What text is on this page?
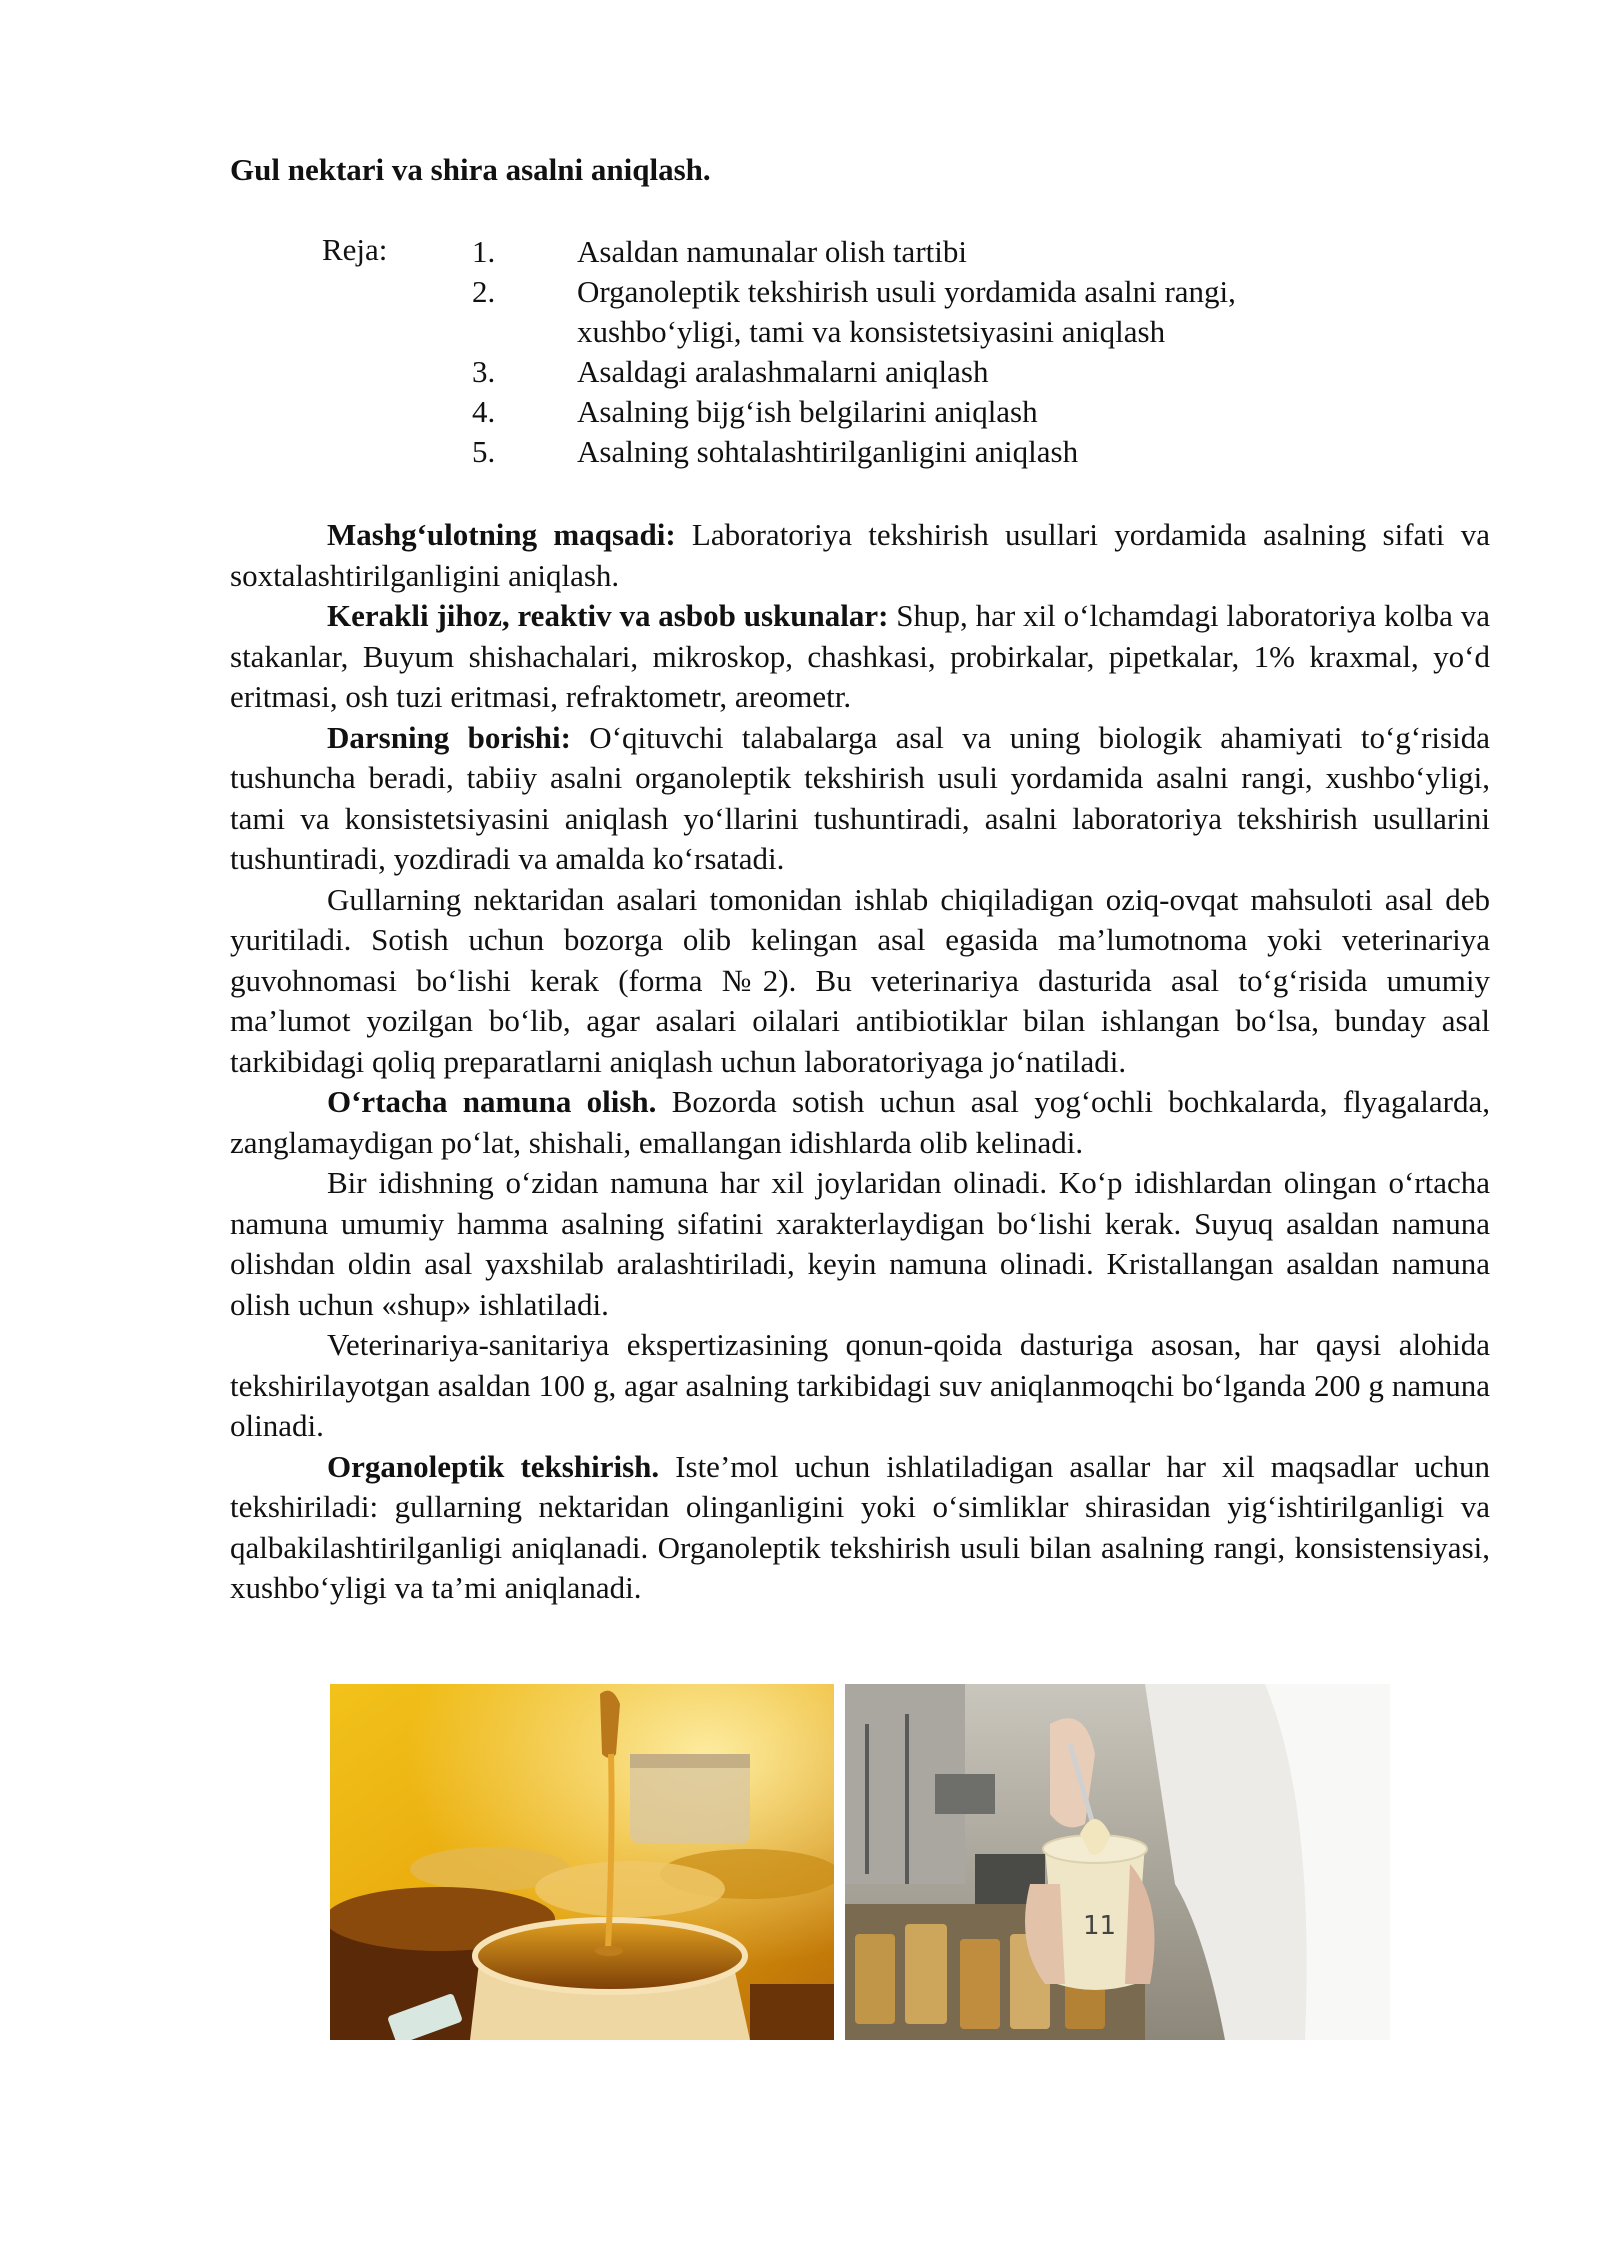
Gul nektari va shira asalni aniqlash.
Reja:	1.	Asaldan namunalar olish tartibi
2.	Organoleptik tekshirish usuli yordamida asalni rangi, xushbo‘yligi, tami va konsistetsiyasini aniqlash
3.	Asaldagi aralashmalarni aniqlash
4.	Asalning bijg‘ish belgilarini aniqlash
5.	Asalning sohtalashtirilganligini aniqlash

Mashg‘ulotning maqsadi: Laboratoriya tekshirish usullari yordamida asalning sifati va soxtalashtirilganligini aniqlash.

Kerakli jihoz, reaktiv va asbob uskunalar: Shup, har xil o‘lchamdagi laboratoriya kolba va stakanlar, Buyum shishachalari, mikroskop, chashkasi, probirkalar, pipetkalar, 1% kraxmal, yo‘d eritmasi, osh tuzi eritmasi, refraktometr, areometr.

Darsning borishi: O‘qituvchi talabalarga asal va uning biologik ahamiyati to‘g‘risida tushuncha beradi, tabiiy asalni organoleptik tekshirish usuli yordamida asalni rangi, xushbo‘yligi, tami va konsistetsiyasini aniqlash yo‘llarini tushuntiradi, asalni laboratoriya tekshirish usullarini tushuntiradi, yozdiradi va amalda ko‘rsatadi.

Gullarning nektaridan asalari tomonidan ishlab chiqiladigan oziq-ovqat mahsuloti asal deb yuritiladi. Sotish uchun bozorga olib kelingan asal egasida ma’lumotnoma yoki veterinariya guvohnomasi bo‘lishi kerak (forma №2). Bu veterinariya dasturida asal to‘g‘risida umumiy ma’lumot yozilgan bo‘lib, agar asalari oilalari antibiotiklar bilan ishlangan bo‘lsa, bunday asal tarkibidagi qoliq preparatlarni aniqlash uchun laboratoriyaga jo‘natiladi.

O‘rtacha namuna olish. Bozorda sotish uchun asal yog‘ochli bochkalarda, flyagalarda, zanglamaydigan po‘lat, shishali, emallangan idishlarda olib kelinadi.

Bir idishning o‘zidan namuna har xil joylaridan olinadi. Ko‘p idishlardan olingan o‘rtacha namuna umumiy hamma asalning sifatini xarakterlaydigan bo‘lishi kerak. Suyuq asaldan namuna olishdan oldin asal yaxshilab aralashtiriladi, keyin namuna olinadi. Kristallangan asaldan namuna olish uchun «shup» ishlatiladi.

Veterinariya-sanitariya ekspertizasining qonun-qoida dasturiga asosan, har qaysi alohida tekshirilayotgan asaldan 100 g, agar asalning tarkibidagi suv aniqlanmoqchi bo‘lganda 200 g namuna olinadi.

Organoleptik tekshirish. Iste’mol uchun ishlatiladigan asallar har xil maqsadlar uchun tekshiriladi: gullarning nektaridan olinganligini yoki o‘simliklar shirasidan yig‘ishtirilganligi va qalbakilashtirilganligi aniqlanadi. Organoleptik tekshirish usuli bilan asalning rangi, konsistensiyasi, xushbo‘yligi va ta’mi aniqlanadi.

11
